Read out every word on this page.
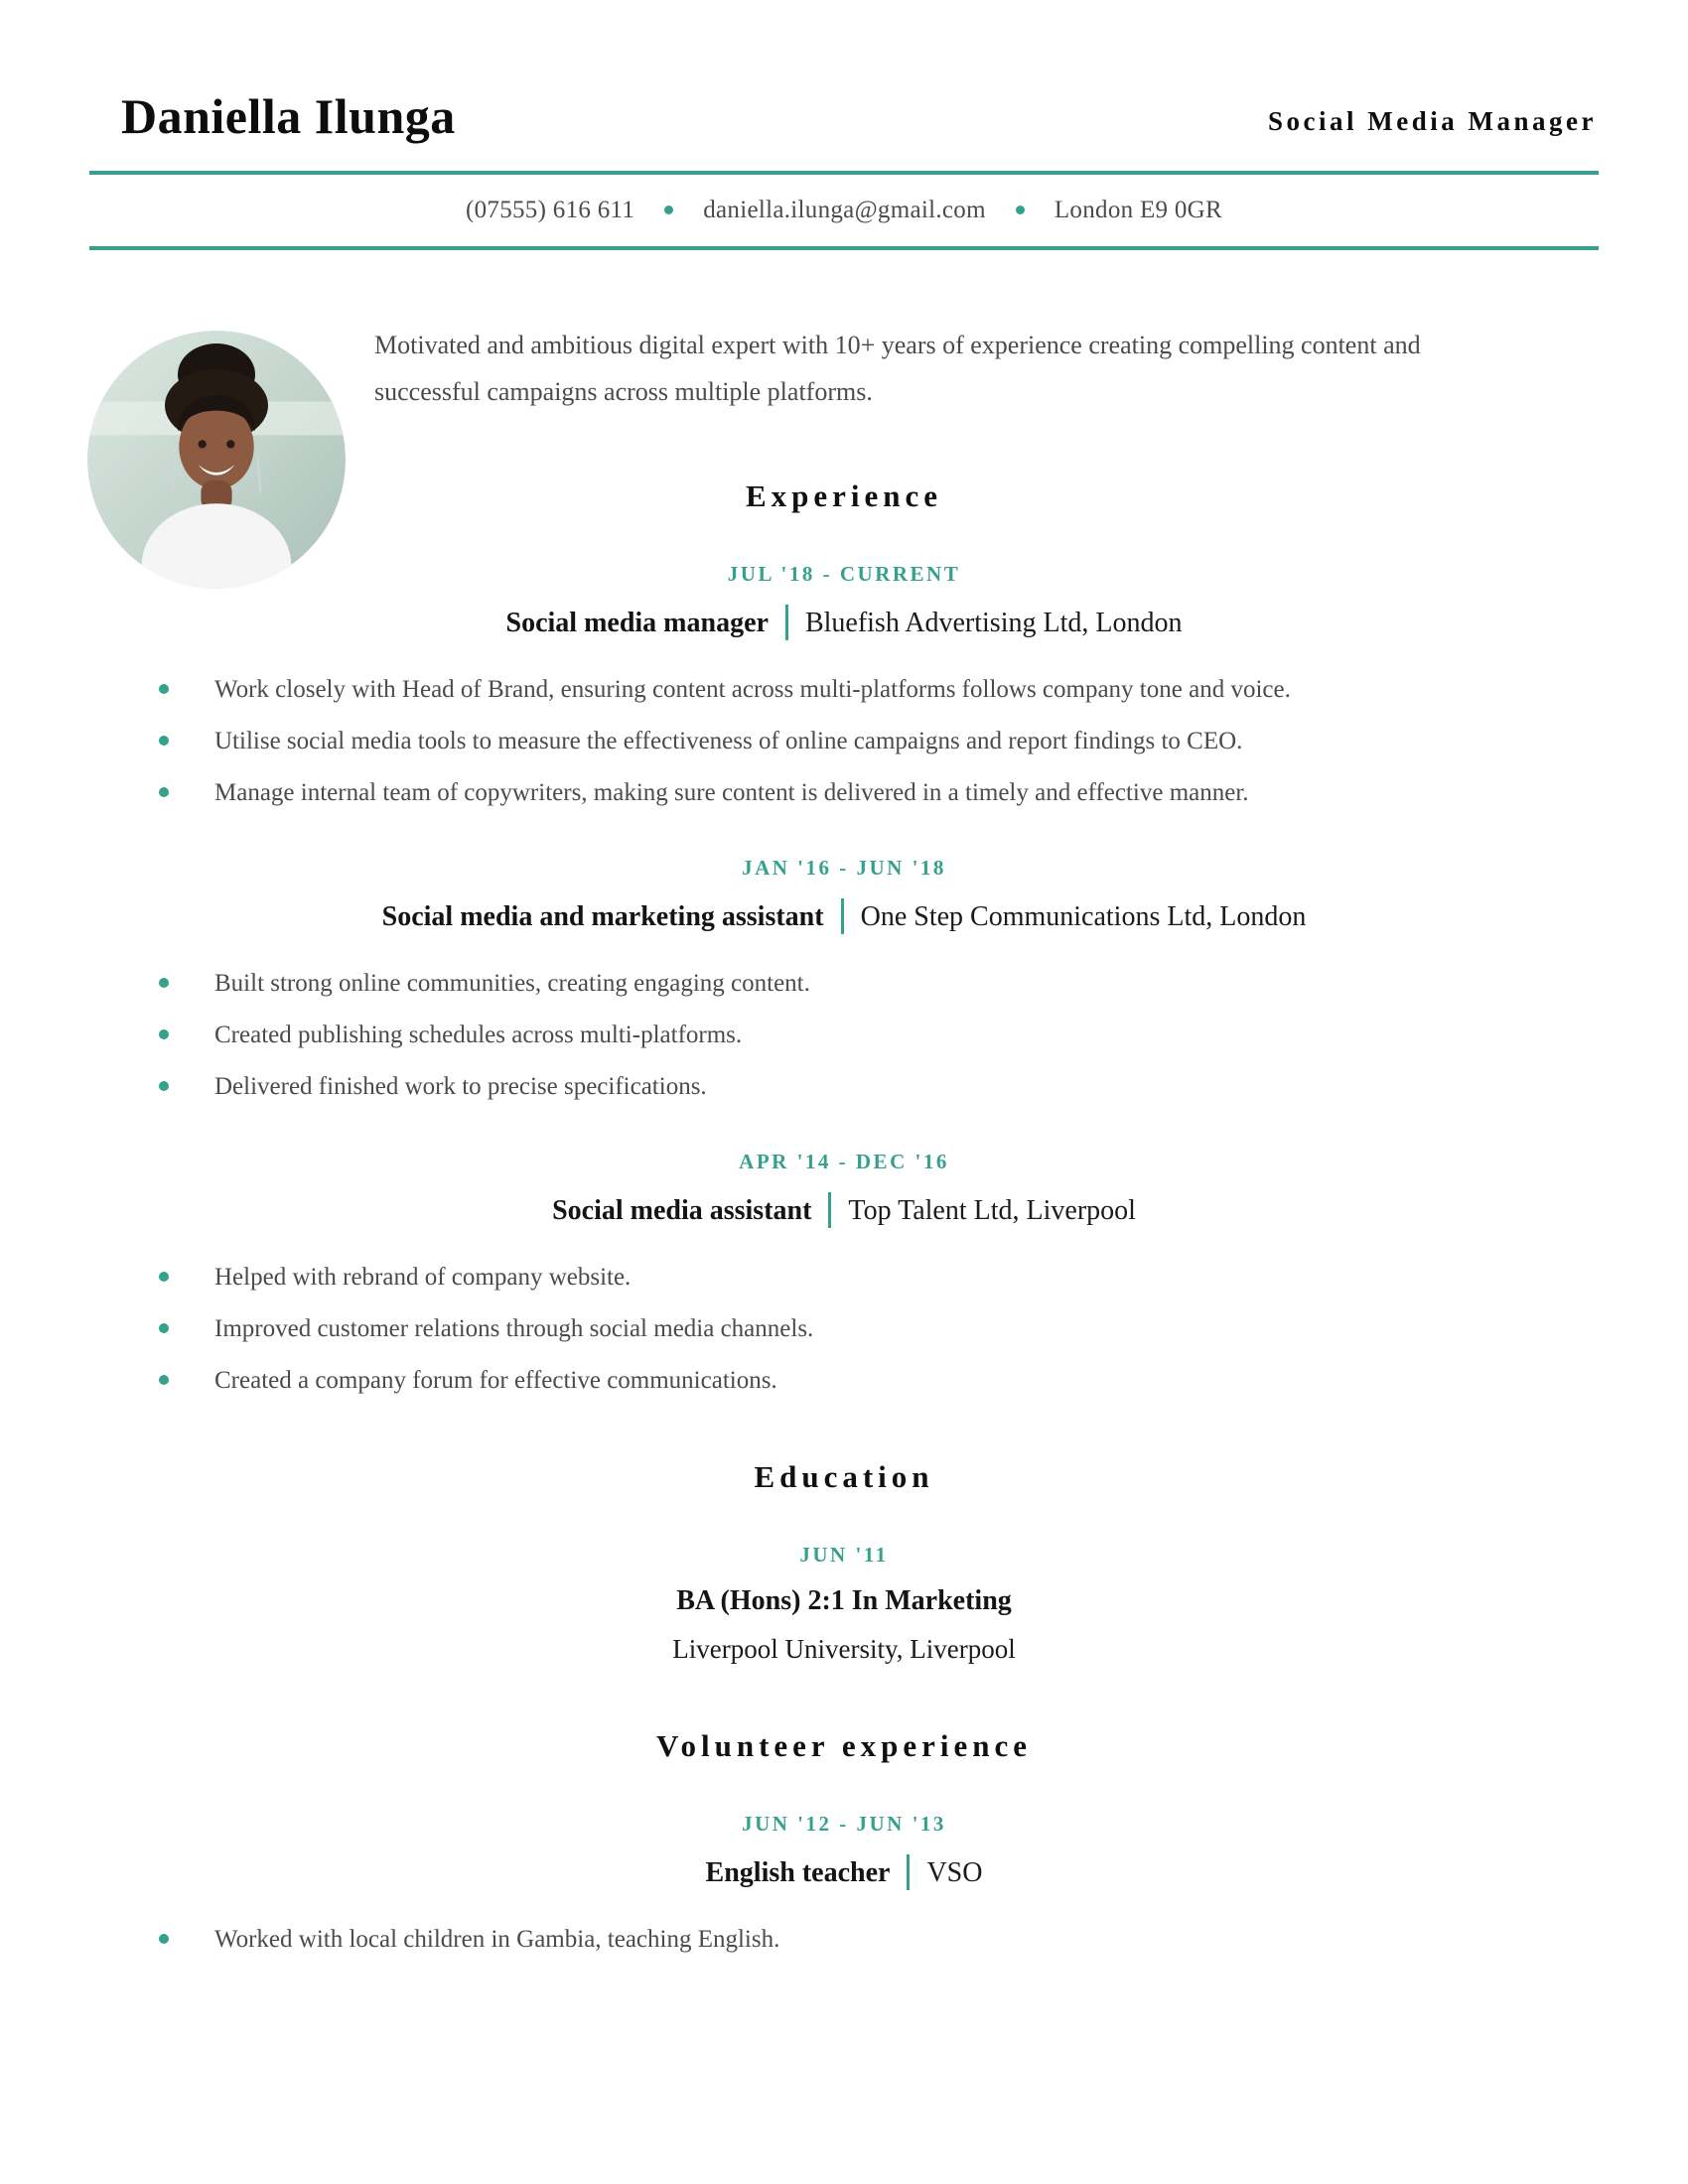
Daniella Ilunga	Social Media Manager
(07555) 616 611	daniella.ilunga@gmail.com	London E9 0GR
Motivated and ambitious digital expert with 10+ years of experience creating compelling content and successful campaigns across multiple platforms.
Experience
JUL '18 - CURRENT
Social media manager Bluefish Advertising Ltd, London
Work closely with Head of Brand, ensuring content across multi-platforms follows company tone and voice.
Utilise social media tools to measure the effectiveness of online campaigns and report findings to CEO.
Manage internal team of copywriters, making sure content is delivered in a timely and effective manner.
JAN '16 - JUN '18
Social media and marketing assistant One Step Communications Ltd, London
Built strong online communities, creating engaging content.
Created publishing schedules across multi-platforms.
Delivered finished work to precise specifications.
APR '14 - DEC '16
Social media assistant Top Talent Ltd, Liverpool
Helped with rebrand of company website.
Improved customer relations through social media channels.
Created a company forum for effective communications.
Education
JUN '11
BA (Hons) 2:1 In Marketing
Liverpool University, Liverpool
Volunteer experience
JUN '12 - JUN '13
English teacher VSO
Worked with local children in Gambia, teaching English.
